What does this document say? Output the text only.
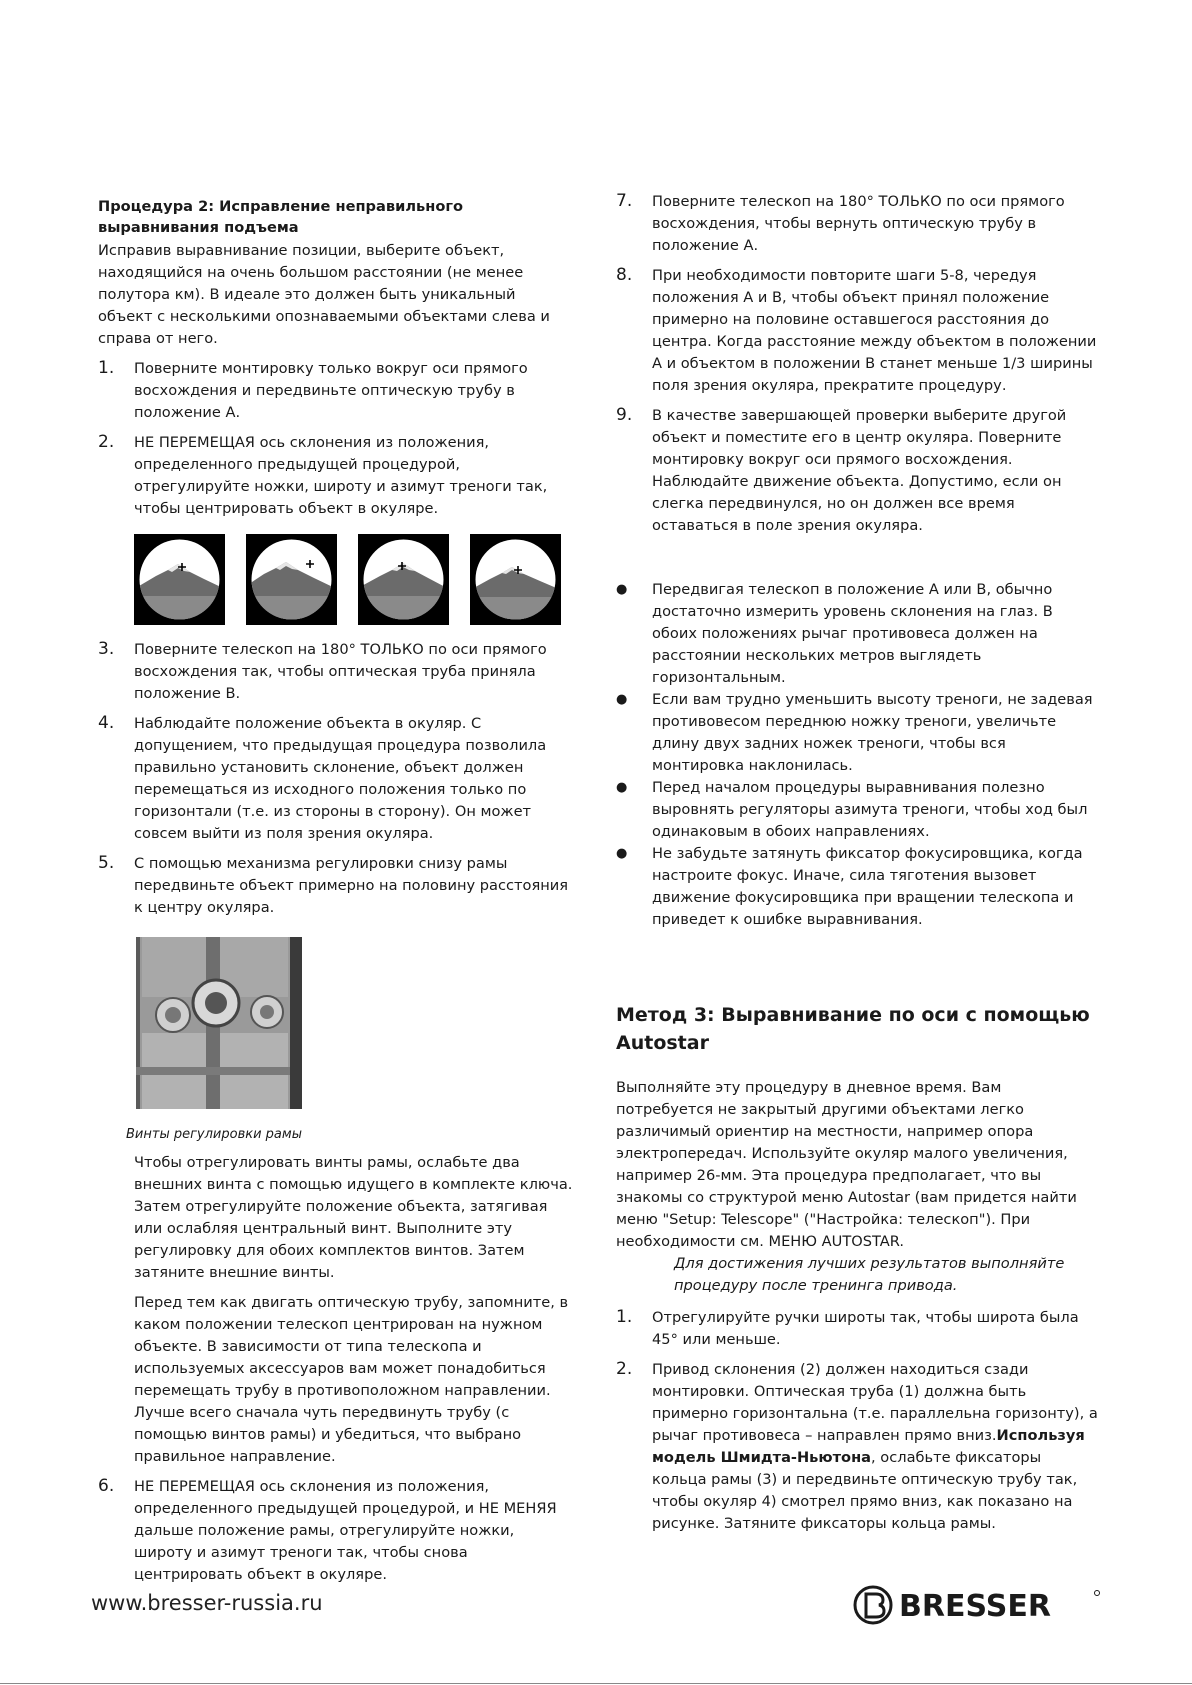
Процедура 2: Исправление неправильного выравнивания подъема

Исправив выравнивание позиции, выберите объект, находящийся на очень большом расстоянии (не менее полутора км). В идеале это должен быть уникальный объект с несколькими опознаваемыми объектами слева и справа от него.

1. Поверните монтировку только вокруг оси прямого восхождения и передвиньте оптическую трубу в положение А.
2. НЕ ПЕРЕМЕЩАЯ ось склонения из положения, определенного предыдущей процедурой, отрегулируйте ножки, широту и азимут треноги так, чтобы центрировать объект в окуляре.
3. Поверните телескоп на 180° ТОЛЬКО по оси прямого восхождения так, чтобы оптическая труба приняла положение В.
4. Наблюдайте положение объекта в окуляр. С допущением, что предыдущая процедура позволила правильно установить склонение, объект должен перемещаться из исходного положения только по горизонтали (т.е. из стороны в сторону). Он может совсем выйти из поля зрения окуляра.
5. С помощью механизма регулировки снизу рамы передвиньте объект примерно на половину расстояния к центру окуляра.

Винты регулировки рамы

Чтобы отрегулировать винты рамы, ослабьте два внешних винта с помощью идущего в комплекте ключа. Затем отрегулируйте положение объекта, затягивая или ослабляя центральный винт. Выполните эту регулировку для обоих комплектов винтов. Затем затяните внешние винты.

Перед тем как двигать оптическую трубу, запомните, в каком положении телескоп центрирован на нужном объекте. В зависимости от типа телескопа и используемых аксессуаров вам может понадобиться перемещать трубу в противоположном направлении. Лучше всего сначала чуть передвинуть трубу (с помощью винтов рамы) и убедиться, что выбрано правильное направление.

6. НЕ ПЕРЕМЕЩАЯ ось склонения из положения, определенного предыдущей процедурой, и НЕ МЕНЯЯ дальше положение рамы, отрегулируйте ножки, широту и азимут треноги так, чтобы снова центрировать объект в окуляре.
7. Поверните телескоп на 180° ТОЛЬКО по оси прямого восхождения, чтобы вернуть оптическую трубу в положение А.
8. При необходимости повторите шаги 5-8, чередуя положения А и В, чтобы объект принял положение примерно на половине оставшегося расстояния до центра. Когда расстояние между объектом в положении А и объектом в положении В станет меньше 1/3 ширины поля зрения окуляра, прекратите процедуру.
9. В качестве завершающей проверки выберите другой объект и поместите его в центр окуляра. Поверните монтировку вокруг оси прямого восхождения. Наблюдайте движение объекта. Допустимо, если он слегка передвинулся, но он должен все время оставаться в поле зрения окуляра.
● Передвигая телескоп в положение А или В, обычно достаточно измерить уровень склонения на глаз. В обоих положениях рычаг противовеса должен на расстоянии нескольких метров выглядеть горизонтальным.
● Если вам трудно уменьшить высоту треноги, не задевая противовесом переднюю ножку треноги, увеличьте длину двух задних ножек треноги, чтобы вся монтировка наклонилась.
● Перед началом процедуры выравнивания полезно выровнять регуляторы азимута треноги, чтобы ход был одинаковым в обоих направлениях.
● Не забудьте затянуть фиксатор фокусировщика, когда настроите фокус. Иначе, сила тяготения вызовет движение фокусировщика при вращении телескопа и приведет к ошибке выравнивания.

Метод 3: Выравнивание по оси с помощью Autostar

Выполняйте эту процедуру в дневное время. Вам потребуется не закрытый другими объектами легко различимый ориентир на местности, например опора электропередач. Используйте окуляр малого увеличения, например 26-мм. Эта процедура предполагает, что вы знакомы со структурой меню Autostar (вам придется найти меню "Setup: Telescope" ("Настройка: телескоп"). При необходимости см. МЕНЮ AUTOSTAR.

Для достижения лучших результатов выполняйте процедуру после тренинга привода.

1. Отрегулируйте ручки широты так, чтобы широта была 45° или меньше.
2. Привод склонения (2) должен находиться сзади монтировки. Оптическая труба (1) должна быть примерно горизонтальна (т.е. параллельна горизонту), а рычаг противовеса – направлен прямо вниз.Используя модель Шмидта-Ньютона, ослабьте фиксаторы кольца рамы (3) и передвиньте оптическую трубу так, чтобы окуляр 4) смотрел прямо вниз, как показано на рисунке. Затяните фиксаторы кольца рамы.
www.bresser-russia.ru	BRESSER
